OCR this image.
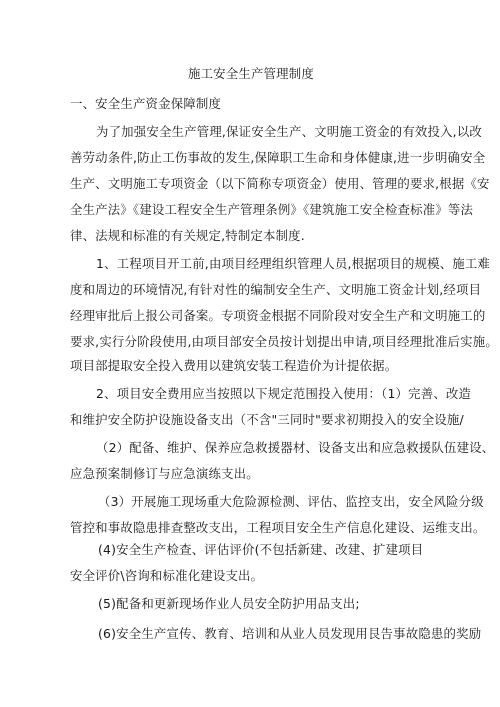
施工安全生产管理制度
一、安全生产资金保障制度
为了加强安全生产管理,保证安全生产、文明施工资金的有效投入,以改
善劳动条件,防止工伤事故的发生,保障职工生命和身体健康,进一步明确安全
生产、文明施工专项资金（以下简称专项资金）使用、管理的要求,根据《安
全生产法》《建设工程安全生产管理条例》《建筑施工安全检查标准》等法
律、法规和标准的有关规定,特制定本制度.
1、工程项目开工前,由项目经理组织管理人员,根据项目的规模、施工难
度和周边的环境情况,有针对性的编制安全生产、文明施工资金计划,经项目
经理审批后上报公司备案。专项资金根据不同阶段对安全生产和文明施工的
要求,实行分阶段使用,由项目部安全员按计划提出申请,项目经理批准后实施。
项目部提取安全投入费用以建筑安装工程造价为计提依据。
2、项目安全费用应当按照以下规定范围投入使用：（1）完善、改造
和维护安全防护设施设备支出（不含"三同时"要求初期投入的安全设施/
（2）配备、维护、保养应急救援器材、设备支出和应急救援队伍建设、
应急预案制修订与应急演练支出。
（3）开展施工现场重大危险源检测、评估、监控支出，安全风险分级
管控和事故隐患排查整改支出，工程项目安全生产信息化建设、运维支出。
(4)安全生产检查、评估评价(不包括新建、改建、扩建项目
安全评价\咨询和标准化建设支出。
(5)配备和更新现场作业人员安全防护用品支出;
(6)安全生产宣传、教育、培训和从业人员发现用艮告事故隐患的奖励
